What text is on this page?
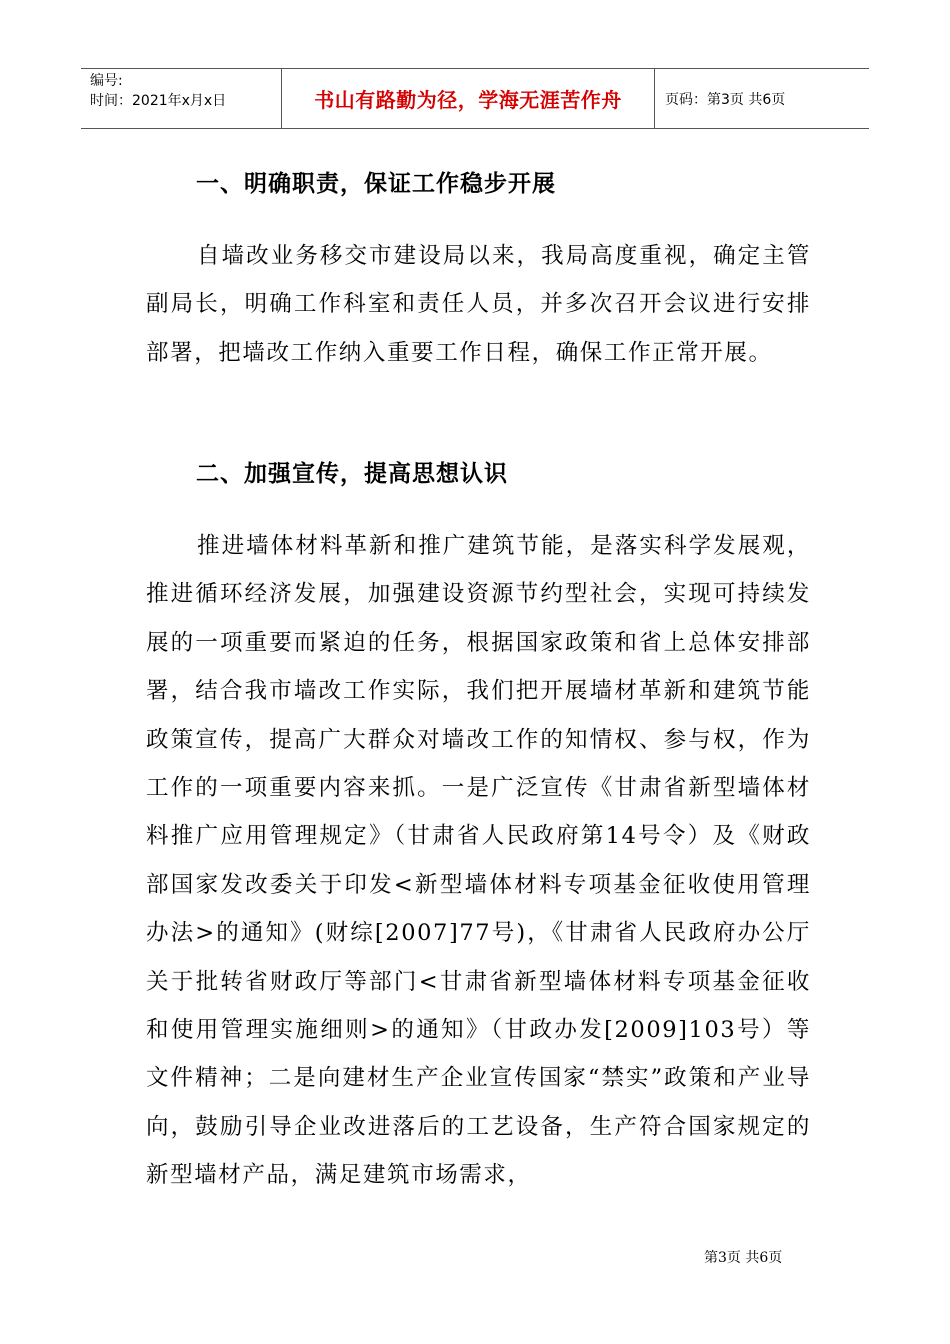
编号:
时间：2021年x月x日	书山有路勤为径，学海无涯苦作舟	页码：第3页 共6页
一、明确职责，保证工作稳步开展

自墙改业务移交市建设局以来，我局高度重视，确定主管副局长，明确工作科室和责任人员，并多次召开会议进行安排部署，把墙改工作纳入重要工作日程，确保工作正常开展。

二、加强宣传，提高思想认识

推进墙体材料革新和推广建筑节能，是落实科学发展观，推进循环经济发展，加强建设资源节约型社会，实现可持续发展的一项重要而紧迫的任务，根据国家政策和省上总体安排部署，结合我市墙改工作实际，我们把开展墙材革新和建筑节能政策宣传，提高广大群众对墙改工作的知情权、参与权，作为工作的一项重要内容来抓。一是广泛宣传《甘肃省新型墙体材料推广应用管理规定》（甘肃省人民政府第14号令）及《财政部国家发改委关于印发<新型墙体材料专项基金征收使用管理办法>的通知》(财综[2007]77号)，《甘肃省人民政府办公厅关于批转省财政厅等部门<甘肃省新型墙体材料专项基金征收和使用管理实施细则>的通知》（甘政办发[2009]103号）等文件精神；二是向建材生产企业宣传国家“禁实”政策和产业导向，鼓励引导企业改进落后的工艺设备，生产符合国家规定的新型墙材产品，满足建筑市场需求，

第3页 共6页
